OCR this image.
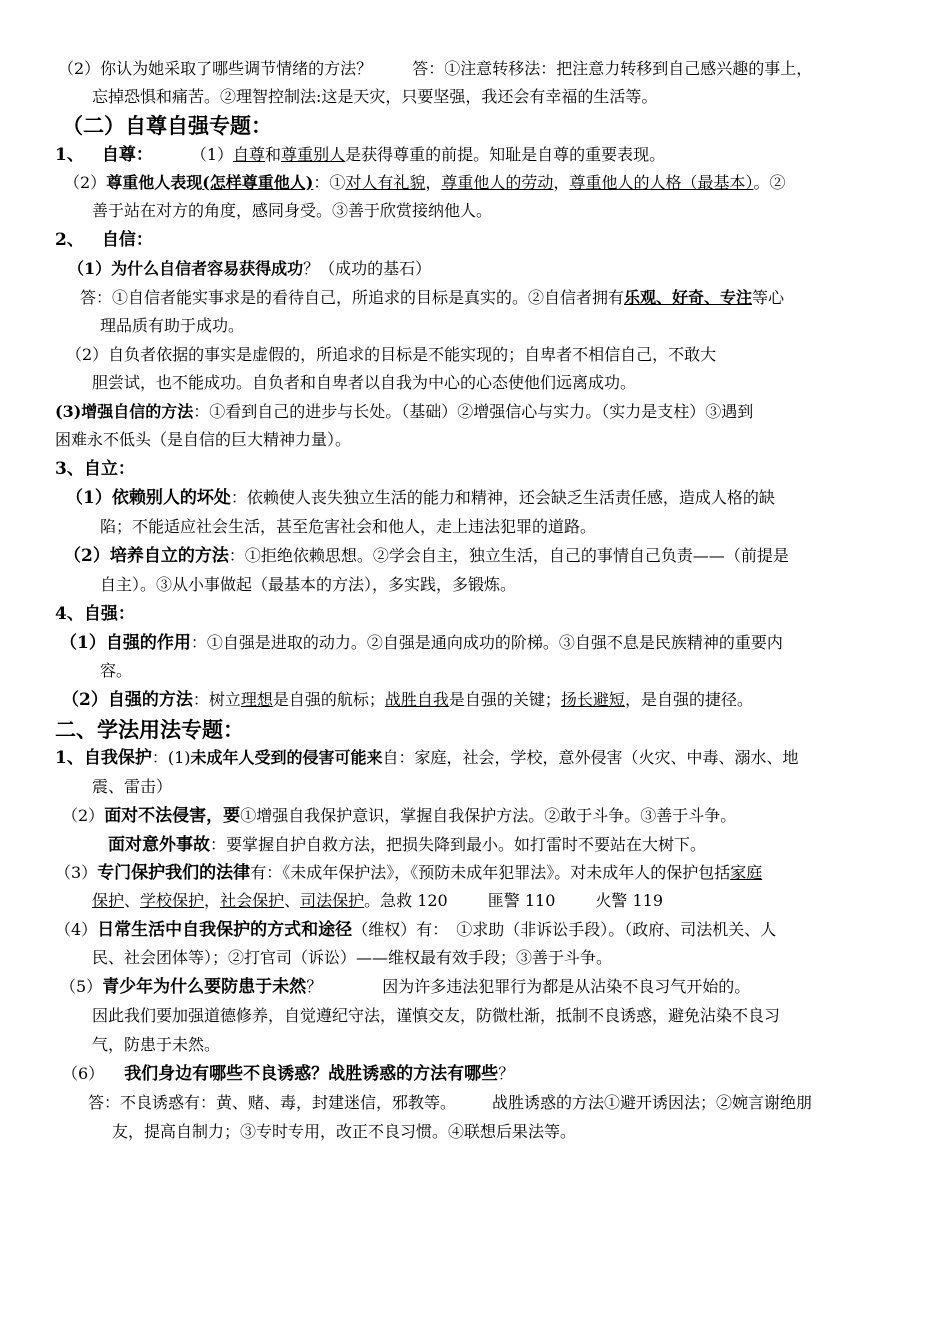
（2）你认为她采取了哪些调节情绪的方法？	答：①注意转移法：把注意力转移到自己感兴趣的事上，
忘掉恐惧和痛苦。②理智控制法:这是天灾，只要坚强，我还会有幸福的生活等。
（二）自尊自强专题：
1、 自尊： （1）自尊和尊重别人是获得尊重的前提。知耻是自尊的重要表现。
（2）尊重他人表现(怎样尊重他人)：①对人有礼貌，尊重他人的劳动，尊重他人的人格（最基本）。②
善于站在对方的角度，感同身受。③善于欣赏接纳他人。
2、 自信：
（1）为什么自信者容易获得成功？（成功的基石）
答：①自信者能实事求是的看待自己，所追求的目标是真实的。②自信者拥有乐观、好奇、专注等心
理品质有助于成功。
（2）自负者依据的事实是虚假的，所追求的目标是不能实现的；自卑者不相信自己，不敢大
胆尝试，也不能成功。自负者和自卑者以自我为中心的心态使他们远离成功。
(3)增强自信的方法：①看到自己的进步与长处。（基础）②增强信心与实力。（实力是支柱）③遇到
困难永不低头（是自信的巨大精神力量）。
3、自立：
（1）依赖别人的坏处：依赖使人丧失独立生活的能力和精神，还会缺乏生活责任感，造成人格的缺
陷；不能适应社会生活，甚至危害社会和他人，走上违法犯罪的道路。
（2）培养自立的方法：①拒绝依赖思想。②学会自主，独立生活，自己的事情自己负责——（前提是
自主）。③从小事做起（最基本的方法），多实践，多锻炼。
4、自强：
（1）自强的作用：①自强是进取的动力。②自强是通向成功的阶梯。③自强不息是民族精神的重要内
容。
（2）自强的方法：树立理想是自强的航标；战胜自我是自强的关键；扬长避短，是自强的捷径。
二、学法用法专题：
1、自我保护：(1)未成年人受到的侵害可能来自：家庭，社会，学校，意外侵害（火灾、中毒、溺水、地
震、雷击）
（2）面对不法侵害，要①增强自我保护意识，掌握自我保护方法。②敢于斗争。③善于斗争。
面对意外事故：要掌握自护自救方法，把损失降到最小。如打雷时不要站在大树下。
（3）专门保护我们的法律有：《未成年保护法》，《预防未成年犯罪法》。对未成年人的保护包括家庭
保护、学校保护，社会保护、司法保护。急救 120	匪警 110	火警 119
（4）日常生活中自我保护的方式和途径（维权）有：　①求助（非诉讼手段）。（政府、司法机关、人
民、社会团体等）；②打官司（诉讼）——维权最有效手段；③善于斗争。
（5）青少年为什么要防患于未然？	因为许多违法犯罪行为都是从沾染不良习气开始的。
因此我们要加强道德修养，自觉遵纪守法，谨慎交友，防微杜渐，抵制不良诱惑，避免沾染不良习
气，防患于未然。
（6） 我们身边有哪些不良诱惑？战胜诱惑的方法有哪些？
答：不良诱惑有：黄、赌、毒，封建迷信，邪教等。 战胜诱惑的方法①避开诱因法；②婉言谢绝朋
友，提高自制力；③专时专用，改正不良习惯。④联想后果法等。
